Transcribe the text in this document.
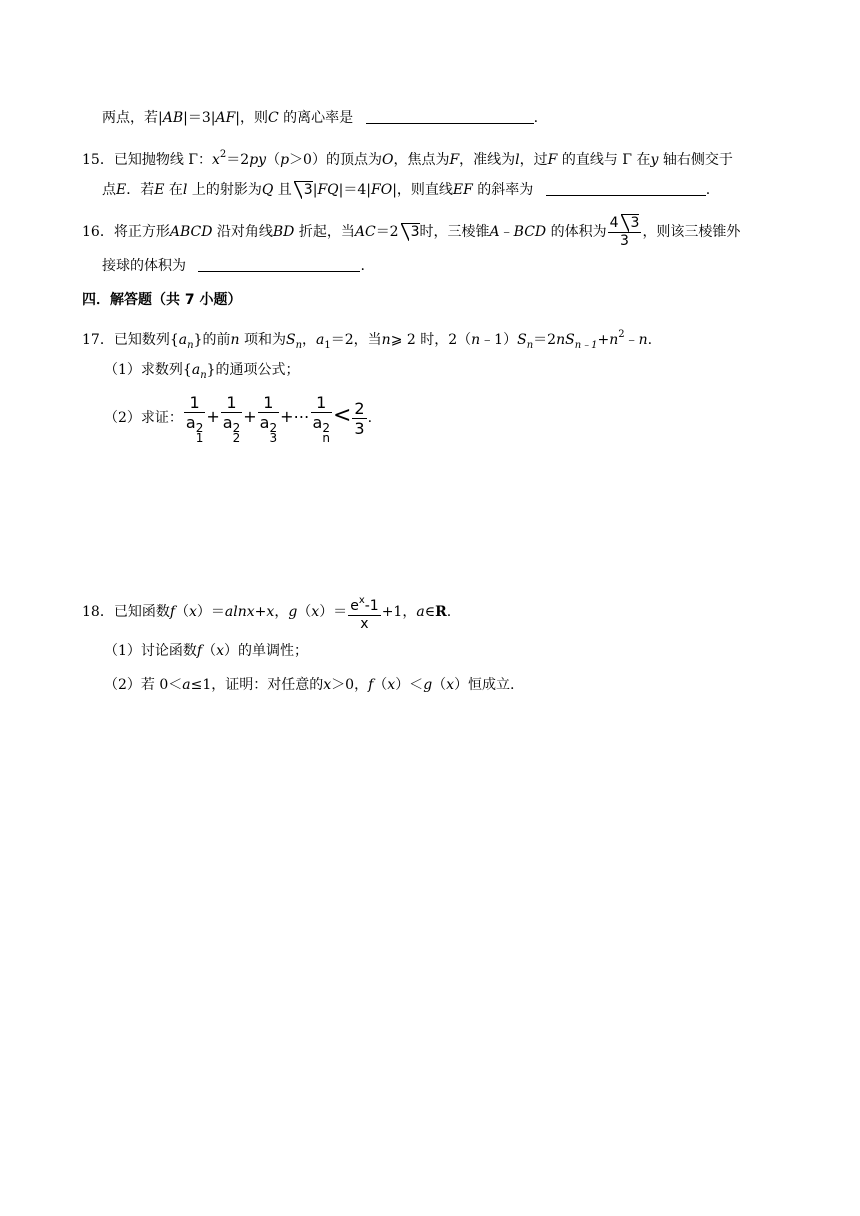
两点，若|AB|＝3|AF|，则C 的离心率是	.
15．已知抛物线 Γ：$x^2=2py(p>0)$的顶点为O，焦点为F，准线为l，过F 的直线与 Γ 在y 轴右侧交于
点E．若E 在l 上的射影为Q 且 3|FQ|＝4|FO|，则直线EF 的斜率为	.
16．将正方形ABCD 沿对角线BD 折起，当AC＝2 3时，三棱锥A﹣BCD 的体积为 $\frac{4 3}{3}$ ，则该三棱锥外
接球的体积为	.
四．解答题（共 7 小题）
17．已知数列$\{a_n\}$的前n 项和为$S_n$，$a_1=2$，当n⩾ 2 时，$2(n﹣1)S_n=2nS_{n﹣1}+n^2﹣n$.
（1）求数列$\{a_n\}$的通项公式；
（2）求证： 1
a 2
1 + 1
a 2
2 + 1
a 2
3 +⋯ 1
a 2
$n < \frac{2}{3}$ .
18．已知函数f（x）＝alnx+x，$g(x)= \frac{e^x-1}{x} +1$，a∈R.
（1）讨论函数f（x）的单调性；
（2）若 0＜a≤1，证明：对任意的x＞0，f（x）＜g（x）恒成立.
